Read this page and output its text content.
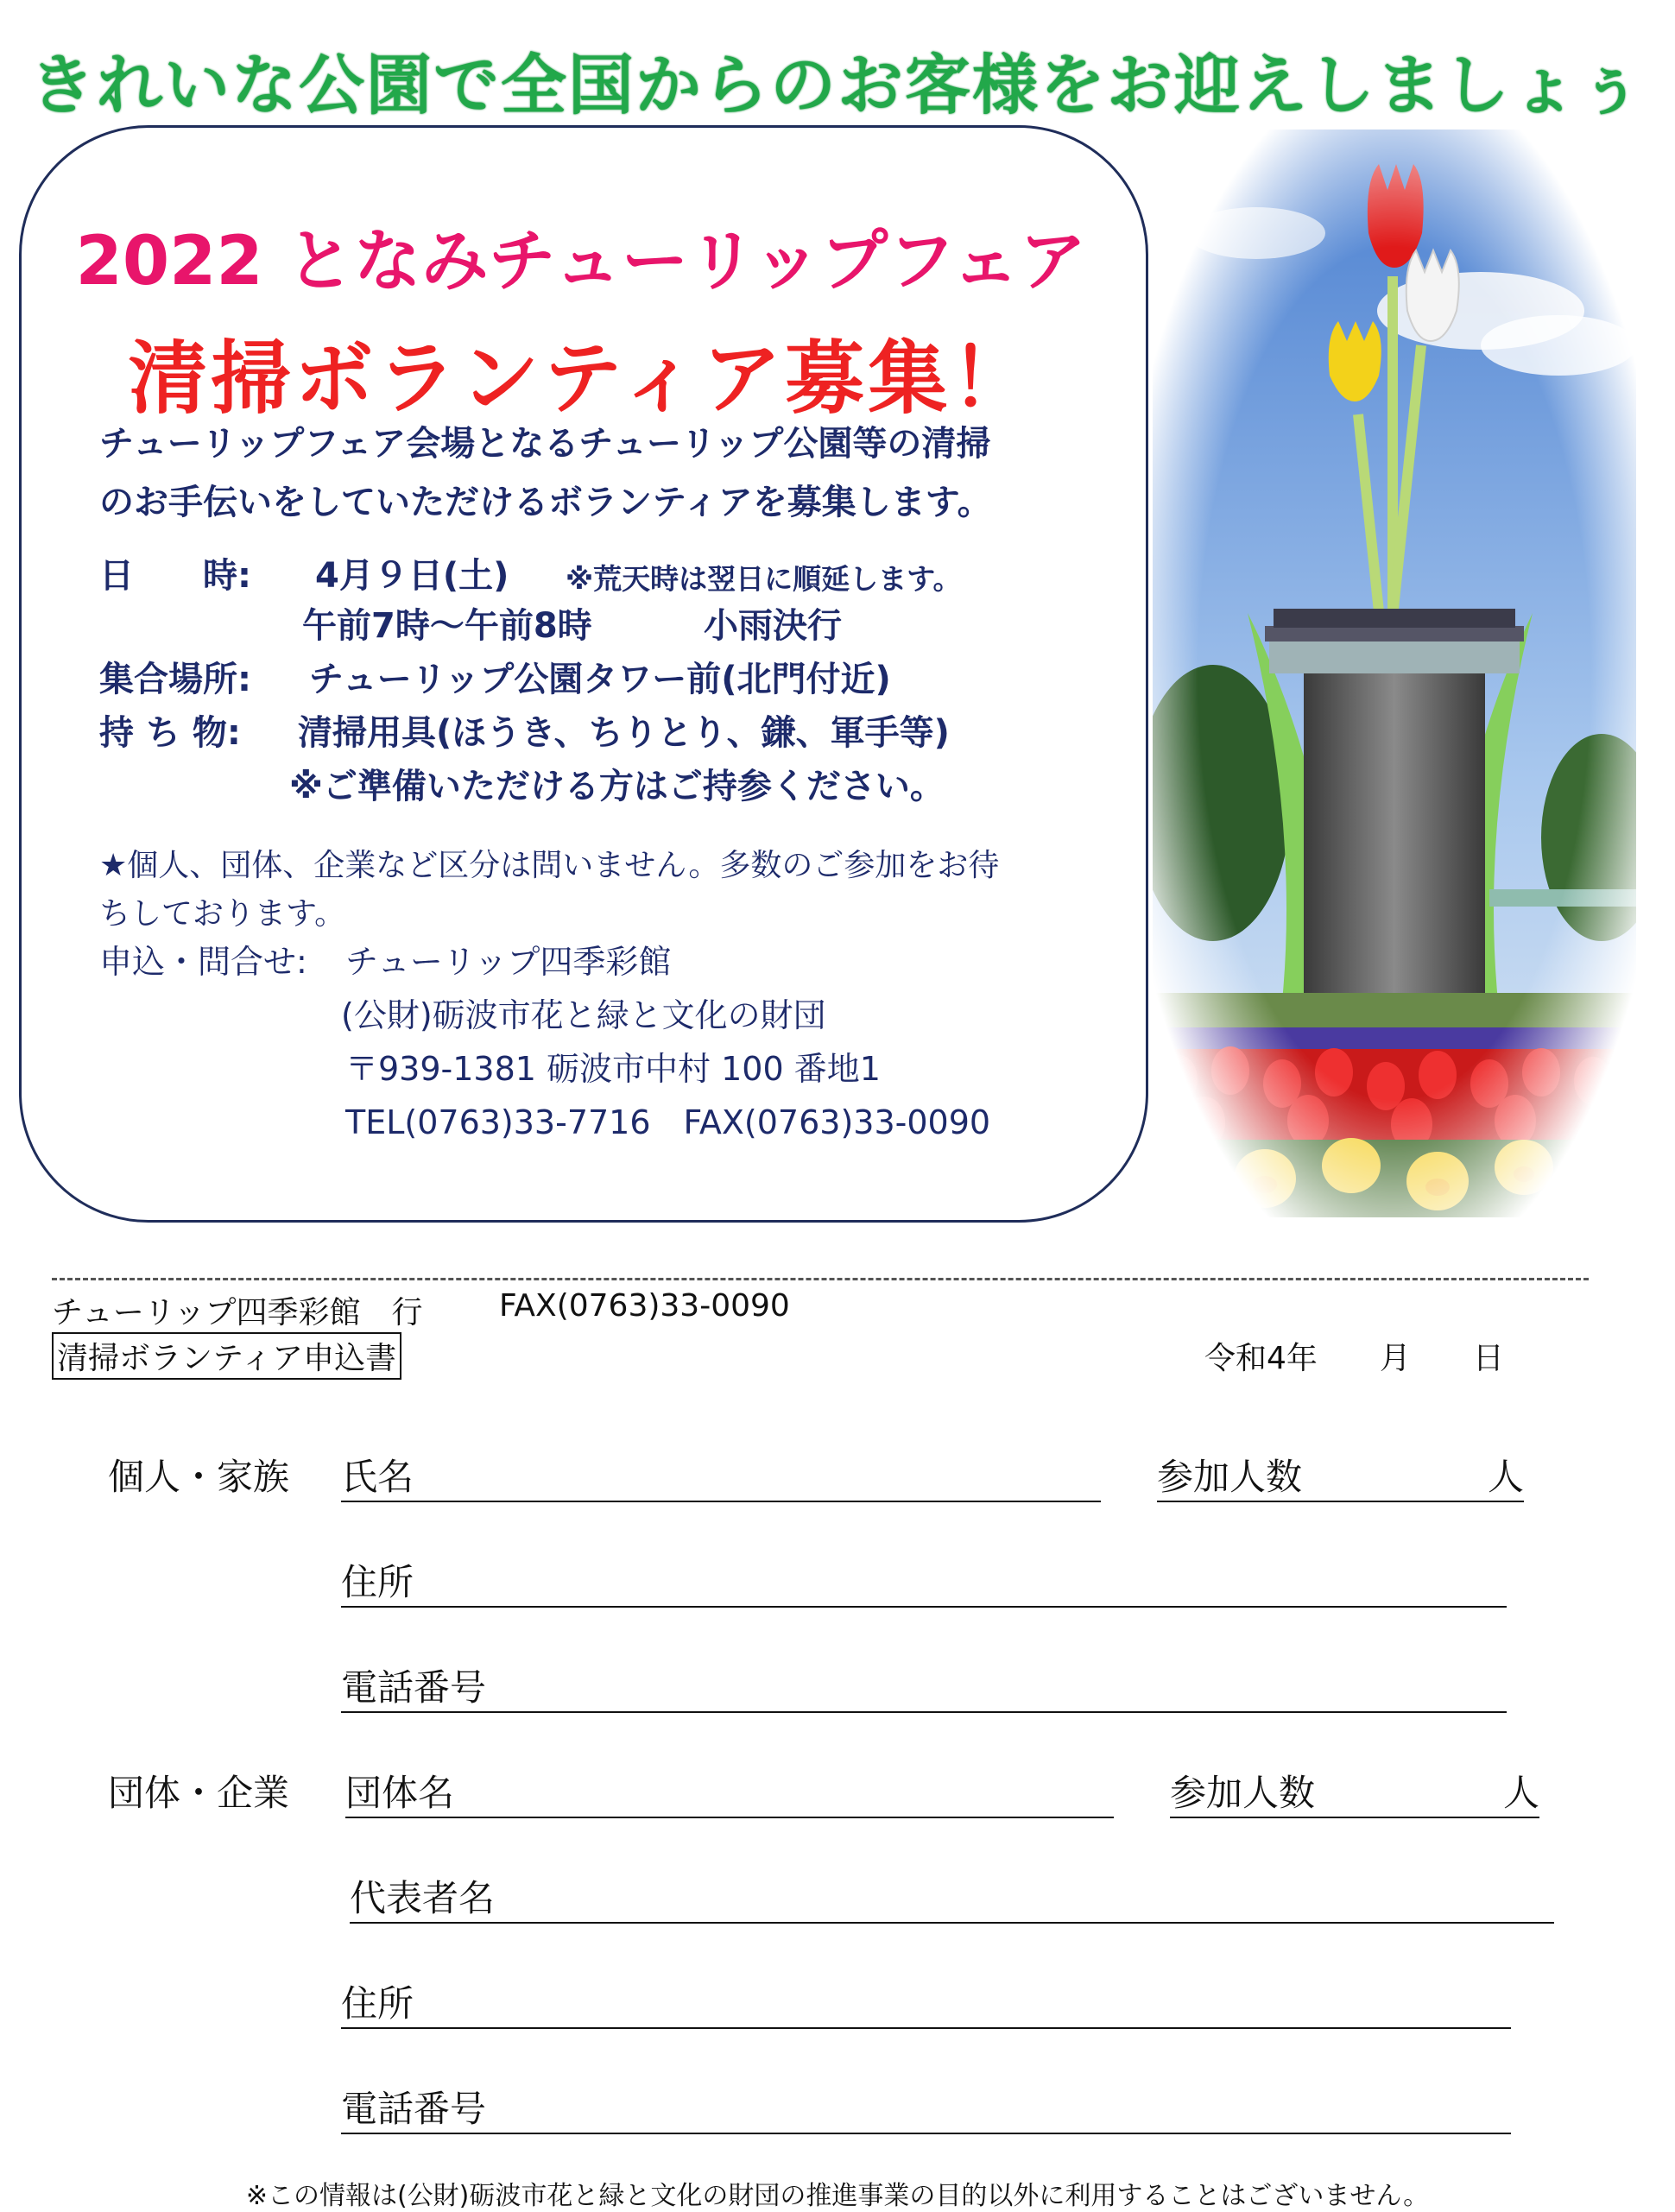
きれいな公園で全国からのお客様をお迎えしましょぅ
2022 となみチューリップフェア
清掃ボランティア募集！
チューリップフェア会場となるチューリップ公園等の清掃
のお手伝いをしていただけるボランティアを募集します。
日　　時: 4月９日(土) ※荒天時は翌日に順延します。
午前7時～午前8時	小雨決行
集合場所: チューリップ公園タワー前(北門付近)
持 ち 物: 清掃用具(ほうき、ちりとり、鎌、軍手等)
※ご準備いただける方はご持参ください。
★個人、団体、企業など区分は問いません。多数のご参加をお待
ちしております。
申込・問合せ: チューリップ四季彩館
(公財)砺波市花と緑と文化の財団
〒939-1381 砺波市中村 100 番地1
TEL(0763)33-7716　FAX(0763)33-0090
チューリップ四季彩館　行 FAX(0763)33-0090
清掃ボランティア申込書	令和4年　　月　　日
個人・家族 氏名	参加人数	人
住所
電話番号
団体・企業 団体名	参加人数	人
代表者名
住所
電話番号
※この情報は(公財)砺波市花と緑と文化の財団の推進事業の目的以外に利用することはございません。
